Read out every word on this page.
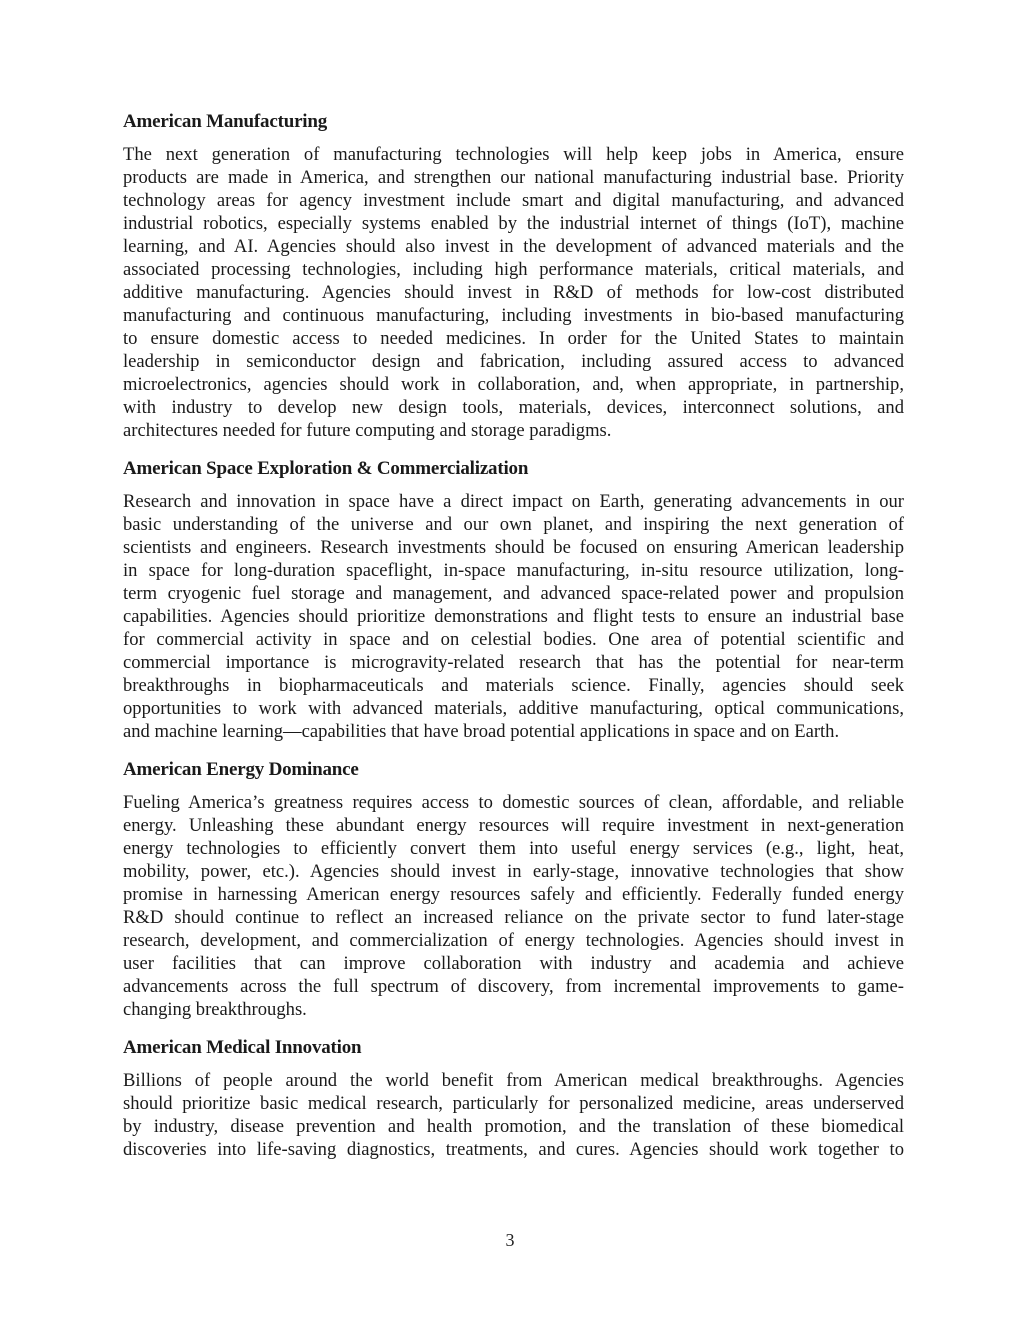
American Manufacturing

The next generation of manufacturing technologies will help keep jobs in America, ensure
products are made in America, and strengthen our national manufacturing industrial base. Priority
technology areas for agency investment include smart and digital manufacturing, and advanced
industrial robotics, especially systems enabled by the industrial internet of things (IoT), machine
learning, and AI. Agencies should also invest in the development of advanced materials and the
associated processing technologies, including high performance materials, critical materials, and
additive manufacturing. Agencies should invest in R&D of methods for low-cost distributed
manufacturing and continuous manufacturing, including investments in bio-based manufacturing
to ensure domestic access to needed medicines. In order for the United States to maintain
leadership in semiconductor design and fabrication, including assured access to advanced
microelectronics, agencies should work in collaboration, and, when appropriate, in partnership,
with industry to develop new design tools, materials, devices, interconnect solutions, and
architectures needed for future computing and storage paradigms.

American Space Exploration & Commercialization

Research and innovation in space have a direct impact on Earth, generating advancements in our
basic understanding of the universe and our own planet, and inspiring the next generation of
scientists and engineers. Research investments should be focused on ensuring American leadership
in space for long-duration spaceflight, in-space manufacturing, in-situ resource utilization, long-
term cryogenic fuel storage and management, and advanced space-related power and propulsion
capabilities. Agencies should prioritize demonstrations and flight tests to ensure an industrial base
for commercial activity in space and on celestial bodies. One area of potential scientific and
commercial importance is microgravity-related research that has the potential for near-term
breakthroughs in biopharmaceuticals and materials science. Finally, agencies should seek
opportunities to work with advanced materials, additive manufacturing, optical communications,
and machine learning—capabilities that have broad potential applications in space and on Earth.

American Energy Dominance

Fueling America’s greatness requires access to domestic sources of clean, affordable, and reliable
energy. Unleashing these abundant energy resources will require investment in next-generation
energy technologies to efficiently convert them into useful energy services (e.g., light, heat,
mobility, power, etc.). Agencies should invest in early-stage, innovative technologies that show
promise in harnessing American energy resources safely and efficiently. Federally funded energy
R&D should continue to reflect an increased reliance on the private sector to fund later-stage
research, development, and commercialization of energy technologies. Agencies should invest in
user facilities that can improve collaboration with industry and academia and achieve
advancements across the full spectrum of discovery, from incremental improvements to game-
changing breakthroughs.

American Medical Innovation

Billions of people around the world benefit from American medical breakthroughs. Agencies
should prioritize basic medical research, particularly for personalized medicine, areas underserved
by industry, disease prevention and health promotion, and the translation of these biomedical
discoveries into life-saving diagnostics, treatments, and cures. Agencies should work together to

3
